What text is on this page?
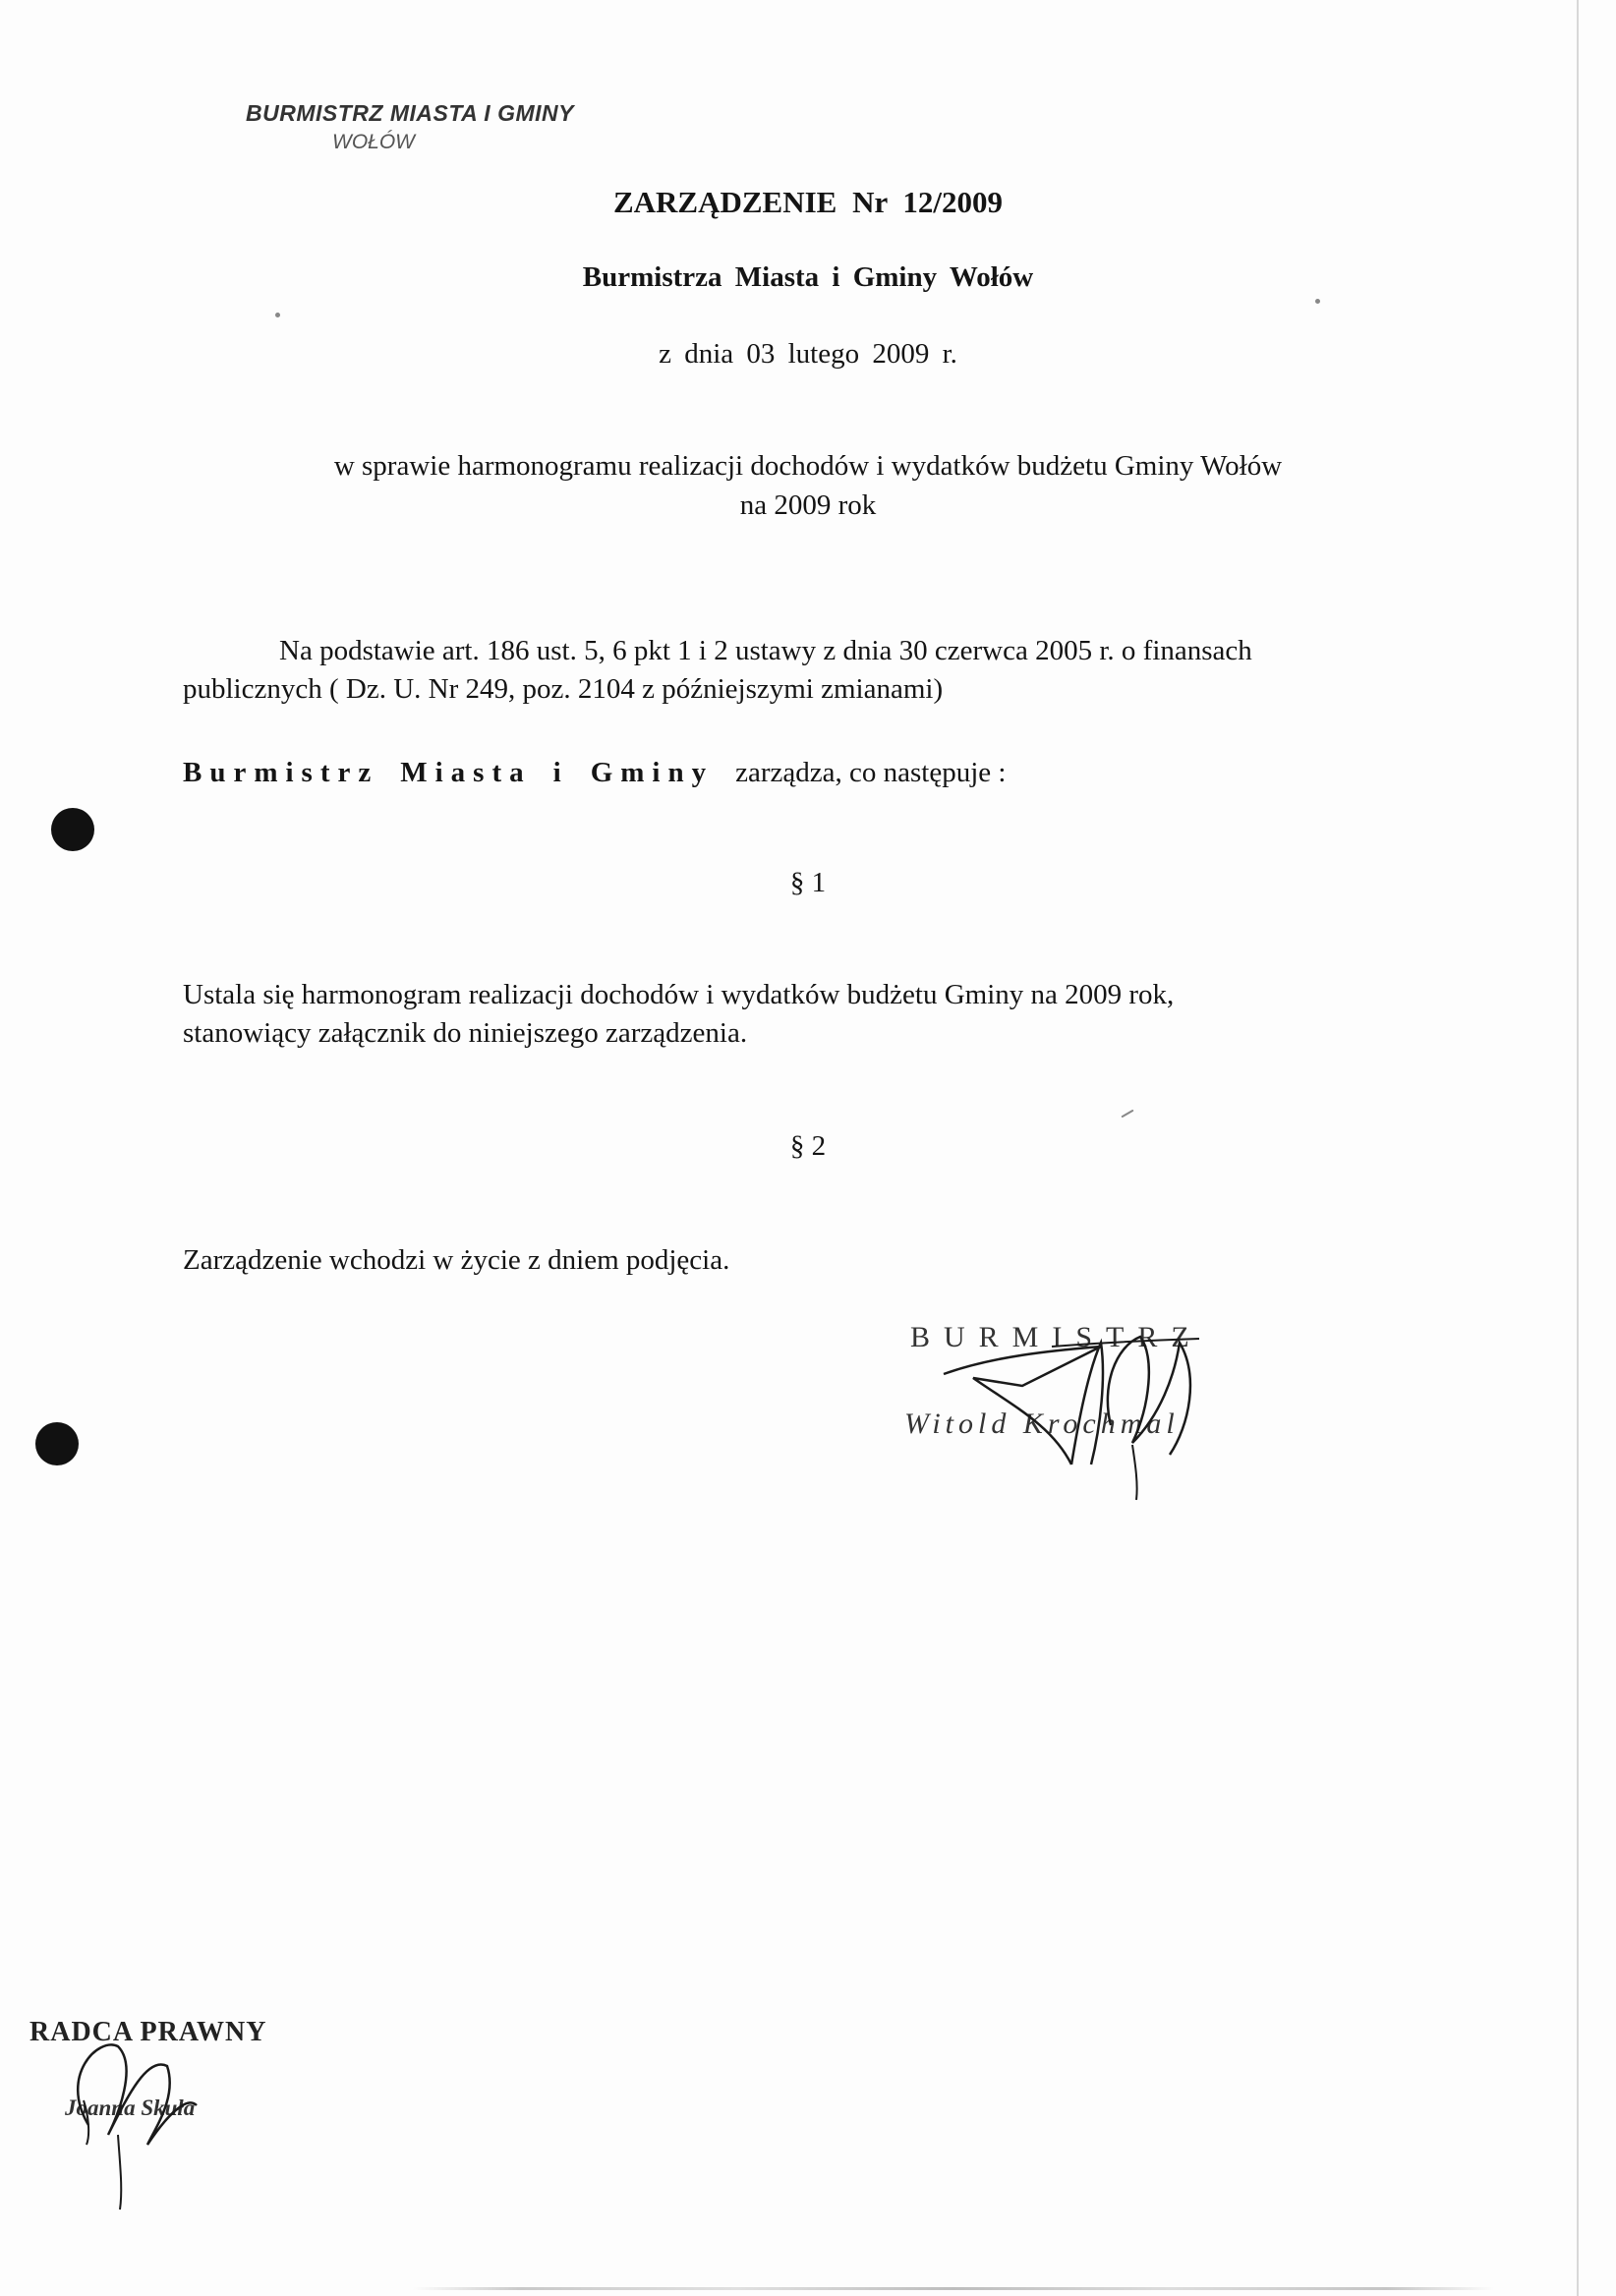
BURMISTRZ MIASTA I GMINY
WOŁÓW
ZARZĄDZENIE Nr 12/2009
Burmistrza Miasta i Gminy Wołów
z dnia 03 lutego 2009 r.
w sprawie harmonogramu realizacji dochodów i wydatków budżetu Gminy Wołów
na 2009 rok
Na podstawie art. 186 ust. 5, 6 pkt 1 i 2 ustawy z dnia 30 czerwca 2005 r. o finansach
publicznych ( Dz. U. Nr 249, poz. 2104 z późniejszymi zmianami)
Burmistrz Miasta i Gminy zarządza, co następuje :
§ 1
Ustala się harmonogram realizacji dochodów i wydatków budżetu Gminy na 2009 rok,
stanowiący załącznik do niniejszego zarządzenia.
§ 2
Zarządzenie wchodzi w życie z dniem podjęcia.
BURMISTRZ
Witold Krochmal
RADCA PRAWNY
Joanna Skuła
